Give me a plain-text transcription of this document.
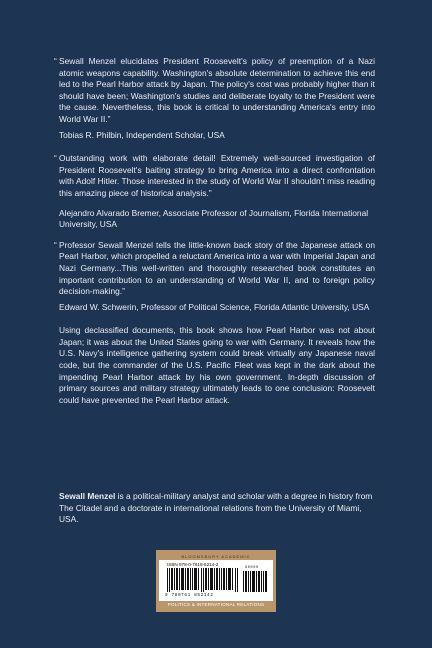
“ Sewall Menzel elucidates President Roosevelt's policy of preemption of a Nazi atomic weapons capability. Washington's absolute determination to achieve this end led to the Pearl Harbor attack by Japan. The policy's cost was probably higher than it should have been; Washington's studies and deliberate loyalty to the President were the cause. Nevertheless, this book is critical to understanding America's entry into World War II.”

Tobias R. Philbin, Independent Scholar, USA

“ Outstanding work with elaborate detail! Extremely well-sourced investigation of President Roosevelt's baiting strategy to bring America into a direct confrontation with Adolf Hitler. Those interested in the study of World War II shouldn't miss reading this amazing piece of historical analysis.”

Alejandro Alvarado Bremer, Associate Professor of Journalism, Florida International University, USA

“ Professor Sewall Menzel tells the little-known back story of the Japanese attack on Pearl Harbor, which propelled a reluctant America into a war with Imperial Japan and Nazi Germany...This well-written and thoroughly researched book constitutes an important contribution to an understanding of World War II, and to foreign policy decision-making.”

Edward W. Schwerin, Professor of Political Science, Florida Atlantic University, USA

Using declassified documents, this book shows how Pearl Harbor was not about Japan; it was about the United States going to war with Germany. It reveals how the U.S. Navy's intelligence gathering system could break virtually any Japanese naval code, but the commander of the U.S. Pacific Fleet was kept in the dark about the impending Pearl Harbor attack by his own government. In-depth discussion of primary sources and military strategy ultimately leads to one conclusion: Roosevelt could have prevented the Pearl Harbor attack.

Sewall Menzel is a political-military analyst and scholar with a degree in history from The Citadel and a doctorate in international relations from the University of Miami, USA.

BLOOMSBURY ACADEMIC
ISBN 978-0-7618-5214-2
90000
9 780761 852142
POLITICS & INTERNATIONAL RELATIONS
